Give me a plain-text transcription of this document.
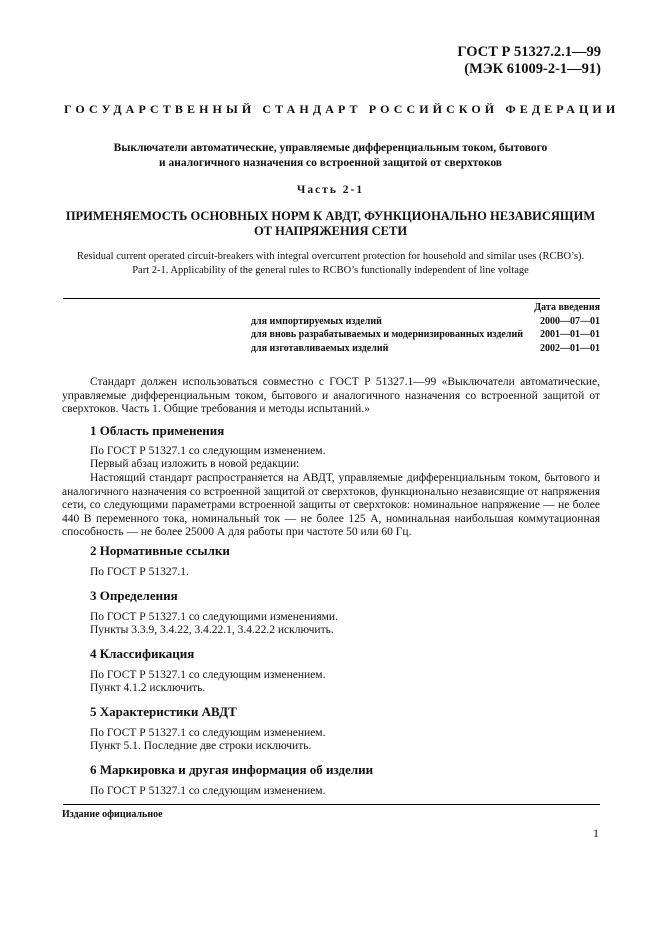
ГОСТ Р 51327.2.1—99
(МЭК 61009-2-1—91)
ГОСУДАРСТВЕННЫЙ СТАНДАРТ РОССИЙСКОЙ ФЕДЕРАЦИИ
Выключатели автоматические, управляемые дифференциальным током, бытового
и аналогичного назначения со встроенной защитой от сверхтоков
Часть 2-1
ПРИМЕНЯЕМОСТЬ ОСНОВНЫХ НОРМ К АВДТ, ФУНКЦИОНАЛЬНО НЕЗАВИСЯЩИМ
ОТ НАПРЯЖЕНИЯ СЕТИ
Residual current operated circuit-breakers with integral overcurrent protection for household and similar uses (RCBO’s).
Part 2-1. Applicability of the general rules to RCBO’s functionally independent of line voltage
	Дата введения
для импортируемых изделий	2000—07—01
для вновь разрабатываемых и модернизированных изделий	2001—01—01
для изготавливаемых изделий	2002—01—01

Стандарт должен использоваться совместно с ГОСТ Р 51327.1—99 «Выключатели автоматические, управляемые дифференциальным током, бытового и аналогичного назначения со встроенной защитой от сверхтоков. Часть 1. Общие требования и методы испытаний.»

1 Область применения
По ГОСТ Р 51327.1 со следующим изменением.
Первый абзац изложить в новой редакции:

Настоящий стандарт распространяется на АВДТ, управляемые дифференциальным током, бытового и аналогичного назначения со встроенной защитой от сверхтоков, функционально независящие от напряжения сети, со следующими параметрами встроенной защиты от сверхтоков: номинальное напряжение — не более 440 В переменного тока, номинальный ток — не более 125 А, номинальная наибольшая коммутационная способность — не более 25000 А для работы при частоте 50 или 60 Гц.

2 Нормативные ссылки
По ГОСТ Р 51327.1.
3 Определения
По ГОСТ Р 51327.1 со следующими изменениями.
Пункты 3.3.9, 3.4.22, 3.4.22.1, 3.4.22.2 исключить.
4 Классификация
По ГОСТ Р 51327.1 со следующим изменением.
Пункт 4.1.2 исключить.
5 Характеристики АВДТ
По ГОСТ Р 51327.1 со следующим изменением.
Пункт 5.1. Последние две строки исключить.
6 Маркировка и другая информация об изделии
По ГОСТ Р 51327.1 со следующим изменением.
Издание официальное
1
